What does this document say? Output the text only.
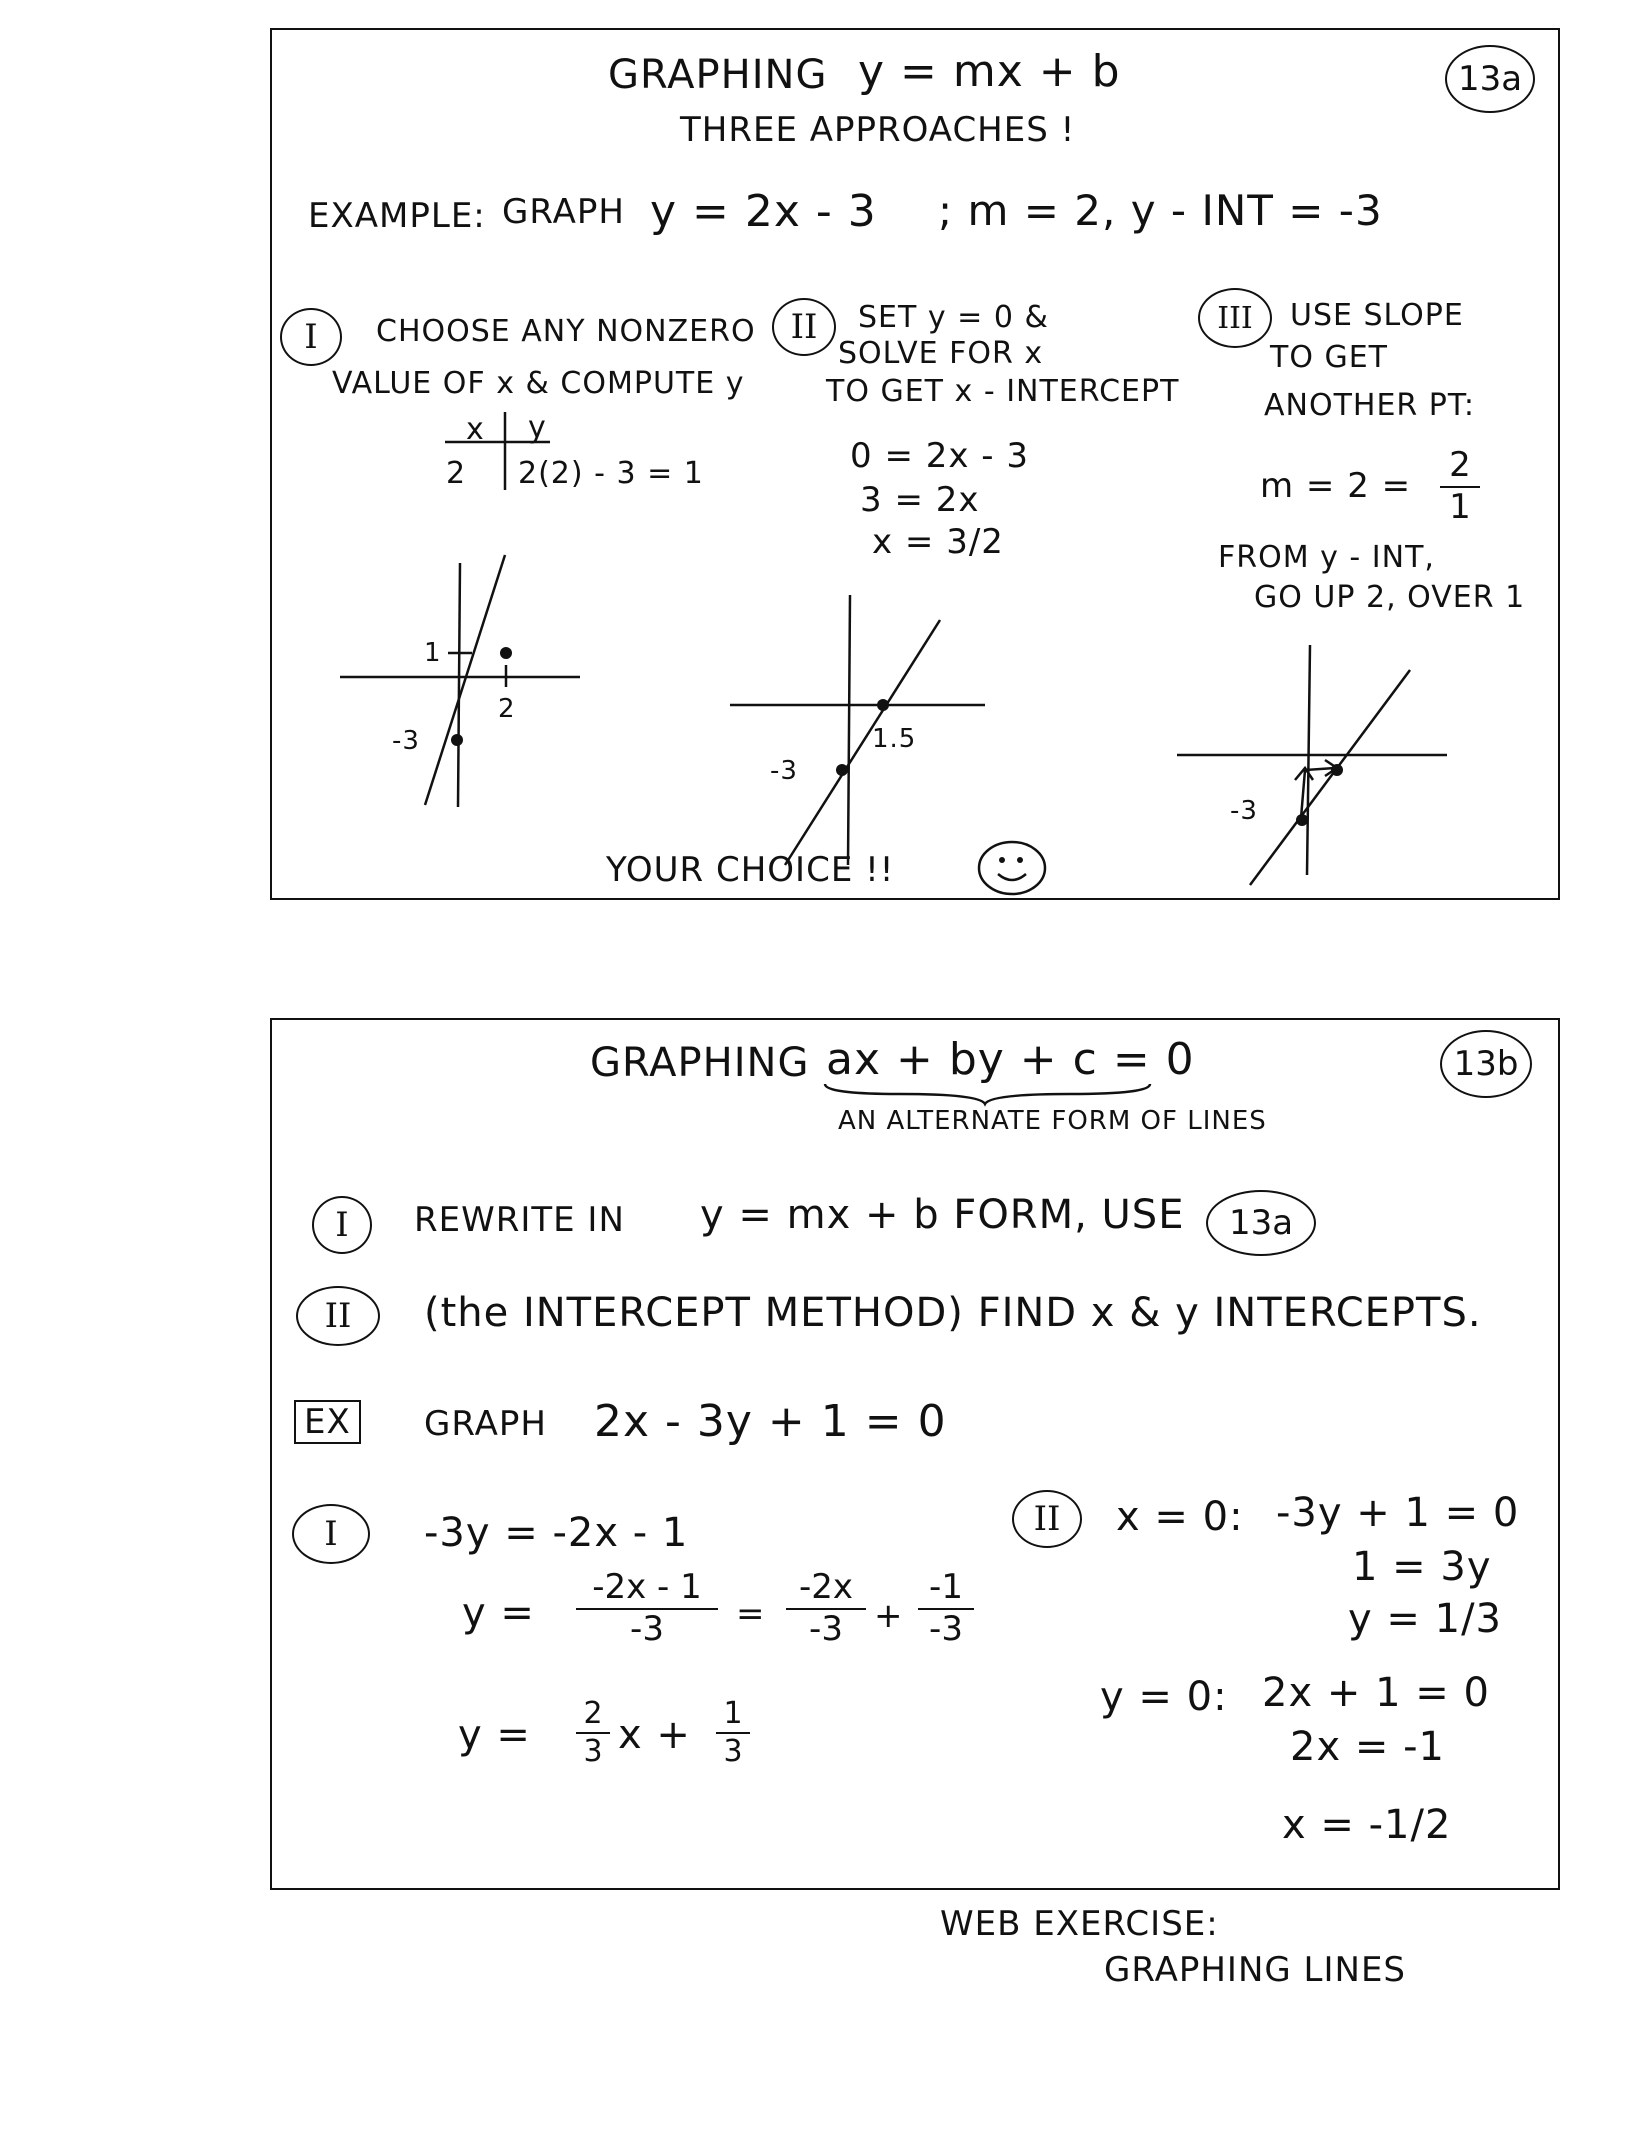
13a
GRAPHING y = mx + b
THREE APPROACHES !
EXAMPLE: GRAPH y = 2x - 3 ; m = 2, y - INT = -3
I	CHOOSE ANY NONZERO
VALUE OF x & COMPUTE y
x y
2 2(2) - 3 = 1
1
2
-3
II	SET y = 0 &
SOLVE FOR x
TO GET x - INTERCEPT
0 = 2x - 3
3 = 2x
x = 3/2
1.5
-3
III	USE SLOPE
TO GET
ANOTHER PT:
m = 2 =
2
1
FROM y - INT,
GO UP 2, OVER 1
-3
YOUR CHOICE !!
13b
GRAPHING ax + by + c = 0
AN ALTERNATE FORM OF LINES
I	REWRITE IN y = mx + b FORM, USE	13a
II	(the INTERCEPT METHOD) FIND x & y INTERCEPTS.
EX GRAPH 2x - 3y + 1 = 0
I	-3y = -2x - 1
y =
-2x - 1
-3 =
-2x
-3 +
-1
-3
y = 2
3 x + 1
3
II	x = 0: -3y + 1 = 0
1 = 3y
y = 1/3
y = 0: 2x + 1 = 0
2x = -1
x = -1/2
WEB EXERCISE:
GRAPHING LINES
